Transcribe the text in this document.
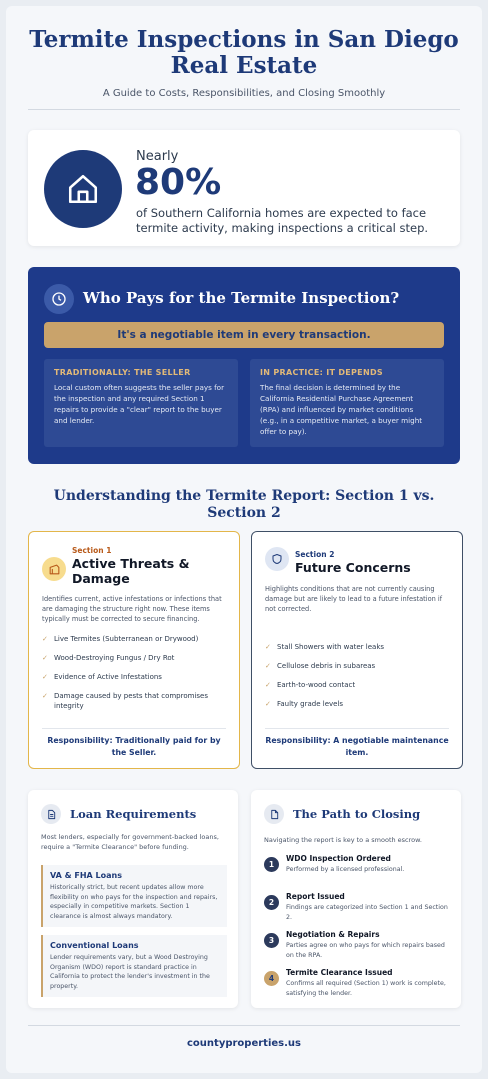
Termite Inspections in San Diego Real Estate
A Guide to Costs, Responsibilities, and Closing Smoothly
Nearly
80%
of Southern California homes are expected to face termite activity, making inspections a critical step.
Who Pays for the Termite Inspection?
It's a negotiable item in every transaction.
TRADITIONALLY: THE SELLER

Local custom often suggests the seller pays for the inspection and any required Section 1 repairs to provide a "clear" report to the buyer and lender.

IN PRACTICE: IT DEPENDS

The final decision is determined by the California Residential Purchase Agreement (RPA) and influenced by market conditions (e.g., in a competitive market, a buyer might offer to pay).

Understanding the Termite Report: Section 1 vs. Section 2
Section 1
Active Threats & Damage
Identifies current, active infestations or infections that are damaging the structure right now. These items typically must be corrected to secure financing.
✓ Live Termites (Subterranean or Drywood)
✓ Wood-Destroying Fungus / Dry Rot
✓ Evidence of Active Infestations
✓ Damage caused by pests that compromises integrity
Responsibility: Traditionally paid for by the Seller.
Section 2
Future Concerns
Highlights conditions that are not currently causing damage but are likely to lead to a future infestation if not corrected.
✓ Stall Showers with water leaks
✓ Cellulose debris in subareas
✓ Earth-to-wood contact
✓ Faulty grade levels
Responsibility: A negotiable maintenance item.
Loan Requirements
Most lenders, especially for government-backed loans, require a "Termite Clearance" before funding.
VA & FHA Loans

Historically strict, but recent updates allow more flexibility on who pays for the inspection and repairs, especially in competitive markets. Section 1 clearance is almost always mandatory.

Conventional Loans

Lender requirements vary, but a Wood Destroying Organism (WDO) report is standard practice in California to protect the lender's investment in the property.

The Path to Closing
Navigating the report is key to a smooth escrow.
1
WDO Inspection Ordered

Performed by a licensed professional.

2
Report Issued

Findings are categorized into Section 1 and Section 2.

3
Negotiation & Repairs

Parties agree on who pays for which repairs based on the RPA.

4
Termite Clearance Issued

Confirms all required (Section 1) work is complete, satisfying the lender.

countyproperties.us
